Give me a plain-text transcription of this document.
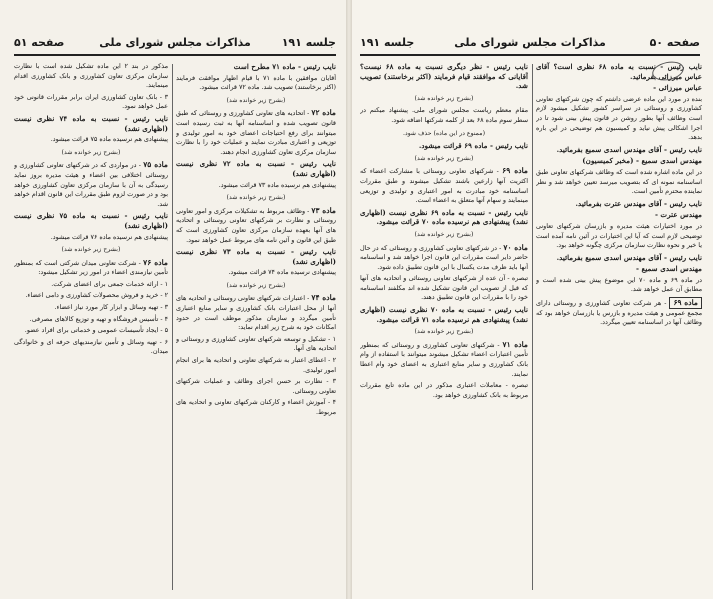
جلسه ۱۹۱
مذاکرات مجلس شورای ملی
صفحه ۵۱

نایب رئیس - ماده ۷۱ مطرح است

آقایان موافقین با ماده ۷۱ با قیام اظهار موافقت فرمایند (اکثر برخاستند) تصویب شد. ماده ۷۲ قرائت میشود.

(بشرح زیر خوانده شد)

ماده ۷۲ - اتحادیه های تعاونی کشاورزی و روستائی که طبق قانون تصویب شده و اساسنامه آنها به ثبت رسیده است میتوانند برای رفع احتیاجات اعضای خود به امور تولیدی و توزیعی و اعتباری مبادرت نمایند و عملیات خود را با نظارت سازمان مرکزی تعاون کشاورزی انجام دهند.

نایب رئیس - نسبت به ماده ۷۲ نظری نیست (اظهاری نشد)

پیشنهادی هم نرسیده ماده ۷۳ قرائت میشود.

(بشرح زیر خوانده شد)

ماده ۷۳ - وظائف مربوط به تشکیلات مرکزی و امور تعاونی روستائی و نظارت بر شرکتهای تعاونی روستائی و اتحادیه های آنها بعهده سازمان مرکزی تعاون کشاورزی است که طبق این قانون و آئین نامه های مربوط عمل خواهد نمود.

نایب رئیس - نسبت به ماده ۷۳ نظری نیست (اظهاری نشد)

پیشنهادی نرسیده ماده ۷۴ قرائت میشود.

(بشرح زیر خوانده شد)

ماده ۷۴ - اعتبارات شرکتهای تعاونی روستائی و اتحادیه های آنها از محل اعتبارات بانک کشاورزی و سایر منابع اعتباری تأمین میگردد و سازمان مذکور موظف است در حدود امکانات خود به شرح زیر اقدام نماید:

۱ - تشکیل و توسعه شرکتهای تعاونی کشاورزی و روستائی و اتحادیه های آنها.

۲ - اعطای اعتبار به شرکتهای تعاونی و اتحادیه ها برای انجام امور تولیدی.

۳ - نظارت بر حسن اجرای وظائف و عملیات شرکتهای تعاونی روستائی.

۴ - آموزش اعضاء و کارکنان شرکتهای تعاونی و اتحادیه های مربوط.

مذکور در بند ۲ این ماده تشکیل شده است با نظارت سازمان مرکزی تعاون کشاورزی و بانک کشاورزی اقدام مینمایند.

۳ - بانک تعاون کشاورزی ایران برابر مقررات قانونی خود عمل خواهد نمود.

نایب رئیس - نسبت به ماده ۷۴ نظری نیست (اظهاری نشد)

پیشنهادی هم نرسیده ماده ۷۵ قرائت میشود.

(بشرح زیر خوانده شد)

ماده ۷۵ - در مواردی که در شرکتهای تعاونی کشاورزی و روستائی اختلافی بین اعضاء و هیئت مدیره بروز نماید رسیدگی به آن با سازمان مرکزی تعاون کشاورزی خواهد بود و در صورت لزوم طبق مقررات این قانون اقدام خواهد شد.

نایب رئیس - نسبت به ماده ۷۵ نظری نیست (اظهاری نشد)

پیشنهادی هم نرسیده ماده ۷۶ قرائت میشود.

(بشرح زیر خوانده شد)

ماده ۷۶ - شرکت تعاونی میدان شرکتی است که بمنظور تأمین نیازمندی اعضاء در امور زیر تشکیل میشود:

۱ - ارائه خدمات جمعی برای اعضای شرکت.

۲ - خرید و فروش محصولات کشاورزی و دامی اعضاء.

۳ - تهیه وسائل و ابزار کار مورد نیاز اعضاء.

۴ - تأسیس فروشگاه و تهیه و توزیع کالاهای مصرفی.

۵ - ایجاد تأسیسات عمومی و خدماتی برای افراد عضو.

۶ - تهیه وسائل و تأمین نیازمندیهای حرفه ای و خانوادگی میدان.

صفحه ۵۰
مذاکرات مجلس شورای ملی
جلسه ۱۹۱

نایب رئیس - نسبت به ماده ۶۸ نظری است؟ آقای عباس میرزائی بفرمائید.

عباس میرزائی -

بنده در مورد این ماده عرضی داشتم که چون شرکتهای تعاونی کشاورزی و روستائی در سراسر کشور تشکیل میشود لازم است وظائف آنها بطور روشن در قانون پیش بینی شود تا در اجرا اشکالی پیش نیاید و کمیسیون هم توضیحی در این باره بدهد.

نایب رئیس - آقای مهندس اسدی سمیع بفرمائید.

مهندس اسدی سمیع - (مخبر کمیسیون)

در این ماده اشاره شده است که وظائف شرکتهای تعاونی طبق اساسنامه نمونه ای که بتصویب میرسد تعیین خواهد شد و نظر نماینده محترم تأمین است.

نایب رئیس - آقای مهندس عترت بفرمائید.

مهندس عترت -

در مورد اختیارات هیئت مدیره و بازرسان شرکتهای تعاونی توضیحی لازم است که آیا این اختیارات در آئین نامه آمده است یا خیر و نحوه نظارت سازمان مرکزی چگونه خواهد بود.

نایب رئیس - آقای مهندس اسدی سمیع بفرمائید.

مهندس اسدی سمیع -

در ماده ۶۹ و ماده ۷۰ این موضوع پیش بینی شده است و مطابق آن عمل خواهد شد.

ماده ۶۹ - هر شرکت تعاونی کشاورزی و روستائی دارای مجمع عمومی و هیئت مدیره و بازرس یا بازرسان خواهد بود که وظائف آنها در اساسنامه تعیین میگردد.

نایب رئیس - نظر دیگری نسبت به ماده ۶۸ نیست؟ آقایانی که موافقند قیام فرمایند (اکثر برخاستند) تصویب شد.

(بشرح زیر خوانده شد)

مقام معظم ریاست مجلس شورای ملی. پیشنهاد میکنم در سطر سوم ماده ۶۸ بعد از کلمه شرکتها اضافه شود.

(ممنوع در این ماده) حذف شود.

نایب رئیس - ماده ۶۹ قرائت میشود.

(بشرح زیر خوانده شد)

ماده ۶۹ - شرکتهای تعاونی روستائی با مشارکت اعضاء که اکثریت آنها زارعین باشند تشکیل میشوند و طبق مقررات اساسنامه خود مبادرت به امور اعتباری و تولیدی و توزیعی مینمایند و سهام آنها متعلق به اعضاء است.

نایب رئیس - نسبت به ماده ۶۹ نظری نیست (اظهاری نشد) پیشنهادی هم نرسیده ماده ۷۰ قرائت میشود.

(بشرح زیر خوانده شد)

ماده ۷۰ - در شرکتهای تعاونی کشاورزی و روستائی که در حال حاضر دایر است مقررات این قانون اجرا خواهد شد و اساسنامه آنها باید ظرف مدت یکسال با این قانون تطبیق داده شود.

تبصره - آن عده از شرکتهای تعاونی روستائی و اتحادیه های آنها که قبل از تصویب این قانون تشکیل شده اند مکلفند اساسنامه خود را با مقررات این قانون تطبیق دهند.

نایب رئیس - نسبت به ماده ۷۰ نظری نیست (اظهاری نشد) پیشنهادی هم نرسیده ماده ۷۱ قرائت میشود.

(بشرح زیر خوانده شد)

ماده ۷۱ - شرکتهای تعاونی کشاورزی و روستائی که بمنظور تأمین اعتبارات اعضاء تشکیل میشوند میتوانند با استفاده از وام بانک کشاورزی و سایر منابع اعتباری به اعضای خود وام اعطا نمایند.

تبصره - معاملات اعتباری مذکور در این ماده تابع مقررات مربوط به بانک کشاورزی خواهد بود.
